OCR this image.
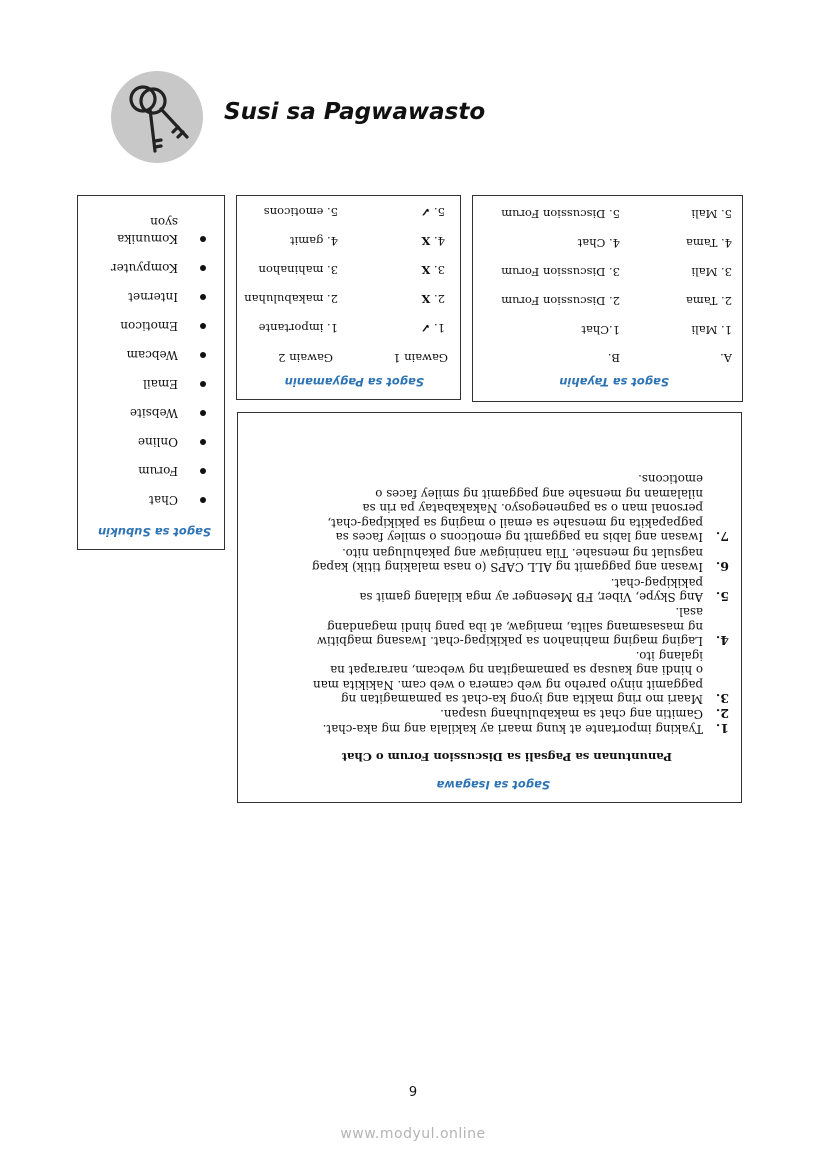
Susi sa Pagwawasto
Sagot sa Subukin
Chat
Forum
Online
Website
Email
Webcam
Emoticon
Internet
Kompyuter
Komunika
syon
Sagot sa Pagyamanin
Gawain 1
Gawain 2
1. ✓
1. importante
2. X
2. makabuluhan
3. X
3. mahinahon
4. X
4. gamit
5. ✓
5. emoticons
Sagot sa Tayahin
A.
B.
1. Mali
1.Chat
2. Tama
2. Discussion Forum
3. Mali
3. Discussion Forum
4. Tama
4. Chat
5. Mali
5. Discussion Forum
Sagot sa Isagawa
Panuntunan sa Pagsali sa Discussion Forum o Chat
1.
Tyaking importante at kung maari ay kakilala ang mg aka-chat.
2.
Gamitin ang chat sa makabuluhang usapan.
3.
Maari mo ring makita ang iyong ka-chat sa pamamagitan ng
paggamit ninyo pareho ng web camera o web cam. Nakikita man
o hindi ang kausap sa pamamagitan ng webcam, nararapat na
igalang ito.
4.
Laging maging mahinahon sa pakikipag-chat. Iwasang magbitiw
ng masasamang salita, manigaw, at iba pang hindi magandang
asal.
5.
Ang Skype, Viber, FB Mesenger ay mga kilalang gamit sa
pakikipag-chat.
6.
Iwasan ang paggamit ng ALL CAPS (o nasa malaking titik) kapag
nagsulat ng mensahe. Tila naninigaw ang pakahulugan nito.
7.
Iwasan ang labis na paggamit ng emoticons o smiley faces sa
pagpapakita ng mensahe sa email o maging sa pakikipag-chat,
personal man o sa pagnenegosyo. Nakakabatay pa rin sa
nilalaman ng mensahe ang paggamit ng smiley faces o
emoticons.
9
www.modyul.online
